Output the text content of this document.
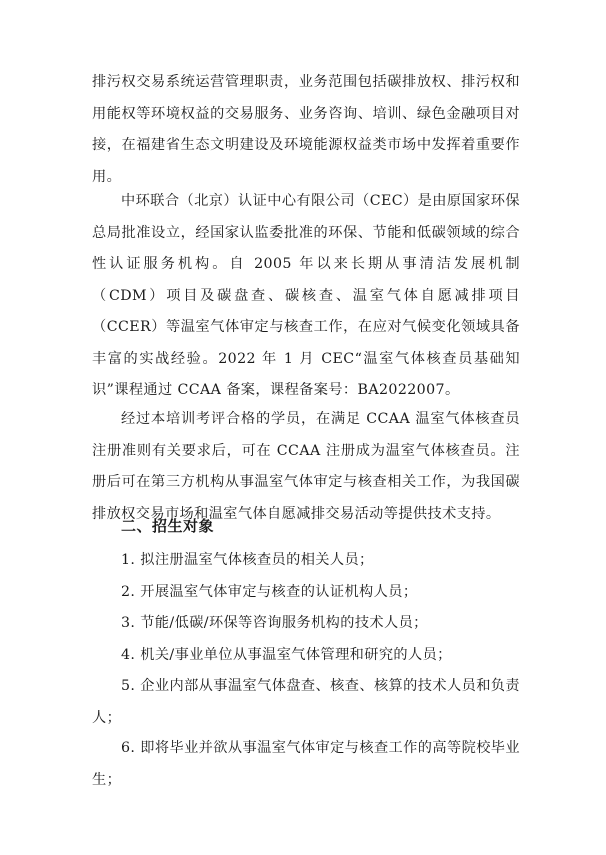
排污权交易系统运营管理职责，业务范围包括碳排放权、排污权和用能权等环境权益的交易服务、业务咨询、培训、绿色金融项目对接，在福建省生态文明建设及环境能源权益类市场中发挥着重要作用。
中环联合（北京）认证中心有限公司（CEC）是由原国家环保总局批准设立，经国家认监委批准的环保、节能和低碳领域的综合性认证服务机构。自 2005 年以来长期从事清洁发展机制（CDM）项目及碳盘查、碳核查、温室气体自愿减排项目（CCER）等温室气体审定与核查工作，在应对气候变化领域具备丰富的实战经验。2022 年 1 月 CEC“温室气体核查员基础知识”课程通过 CCAA 备案，课程备案号：BA2022007。
经过本培训考评合格的学员，在满足 CCAA 温室气体核查员注册准则有关要求后，可在 CCAA 注册成为温室气体核查员。注册后可在第三方机构从事温室气体审定与核查相关工作，为我国碳排放权交易市场和温室气体自愿减排交易活动等提供技术支持。
二、招生对象
1. 拟注册温室气体核查员的相关人员；
2. 开展温室气体审定与核查的认证机构人员；
3. 节能/低碳/环保等咨询服务机构的技术人员；
4. 机关/事业单位从事温室气体管理和研究的人员；
5. 企业内部从事温室气体盘查、核查、核算的技术人员和负责人；
6. 即将毕业并欲从事温室气体审定与核查工作的高等院校毕业生；
